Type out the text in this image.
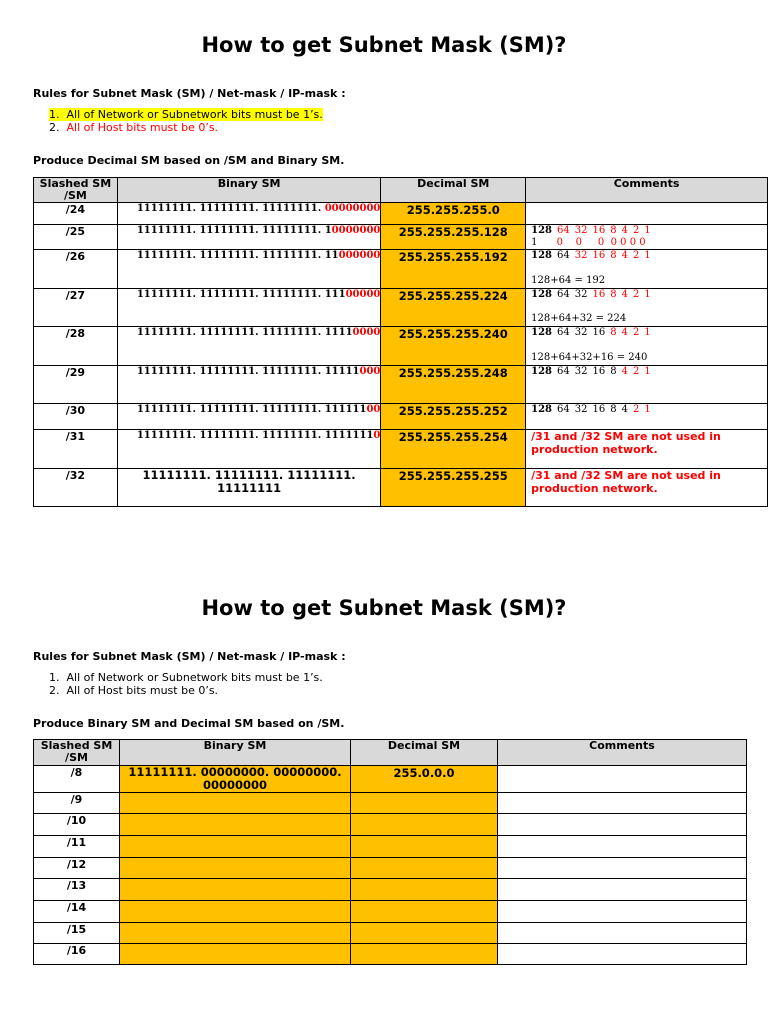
How to get Subnet Mask (SM)?
Rules for Subnet Mask (SM) / Net-mask / IP-mask :
1.  All of Network or Subnetwork bits must be 1’s.
2.  All of Host bits must be 0’s.
Produce Decimal SM based on /SM and Binary SM.
Slashed SM /SM	Binary SM	Decimal SM	Comments
/24	11111111. 11111111. 11111111. 00000000	255.255.255.0	
/25	11111111. 11111111. 11111111. 10000000	255.255.255.128	128 64 32 16 8 4 2 1
1      0    0     0  0 0 0 0

/26	11111111. 11111111. 11111111. 11000000	255.255.255.192	128 64 32 16 8 4 2 1
128+64 = 192

/27	11111111. 11111111. 11111111. 11100000	255.255.255.224	128 64 32 16 8 4 2 1
128+64+32 = 224

/28	11111111. 11111111. 11111111. 11110000	255.255.255.240	128 64 32 16 8 4 2 1
128+64+32+16 = 240

/29	11111111. 11111111. 11111111. 11111000	255.255.255.248	128 64 32 16 8 4 2 1

/30	11111111. 11111111. 11111111. 11111100	255.255.255.252	128 64 32 16 8 4 2 1

/31	11111111. 11111111. 11111111. 11111110	255.255.255.254	/31 and /32 SM are not used in production network.
/32	11111111. 11111111. 11111111. 11111111	255.255.255.255	/31 and /32 SM are not used in production network.
How to get Subnet Mask (SM)?
Rules for Subnet Mask (SM) / Net-mask / IP-mask :
1.  All of Network or Subnetwork bits must be 1’s.
2.  All of Host bits must be 0’s.
Produce Binary SM and Decimal SM based on /SM.
Slashed SM /SM	Binary SM	Decimal SM	Comments
/8	11111111. 00000000. 00000000. 00000000	255.0.0.0	
/9			
/10			
/11			
/12			
/13			
/14			
/15			
/16			
